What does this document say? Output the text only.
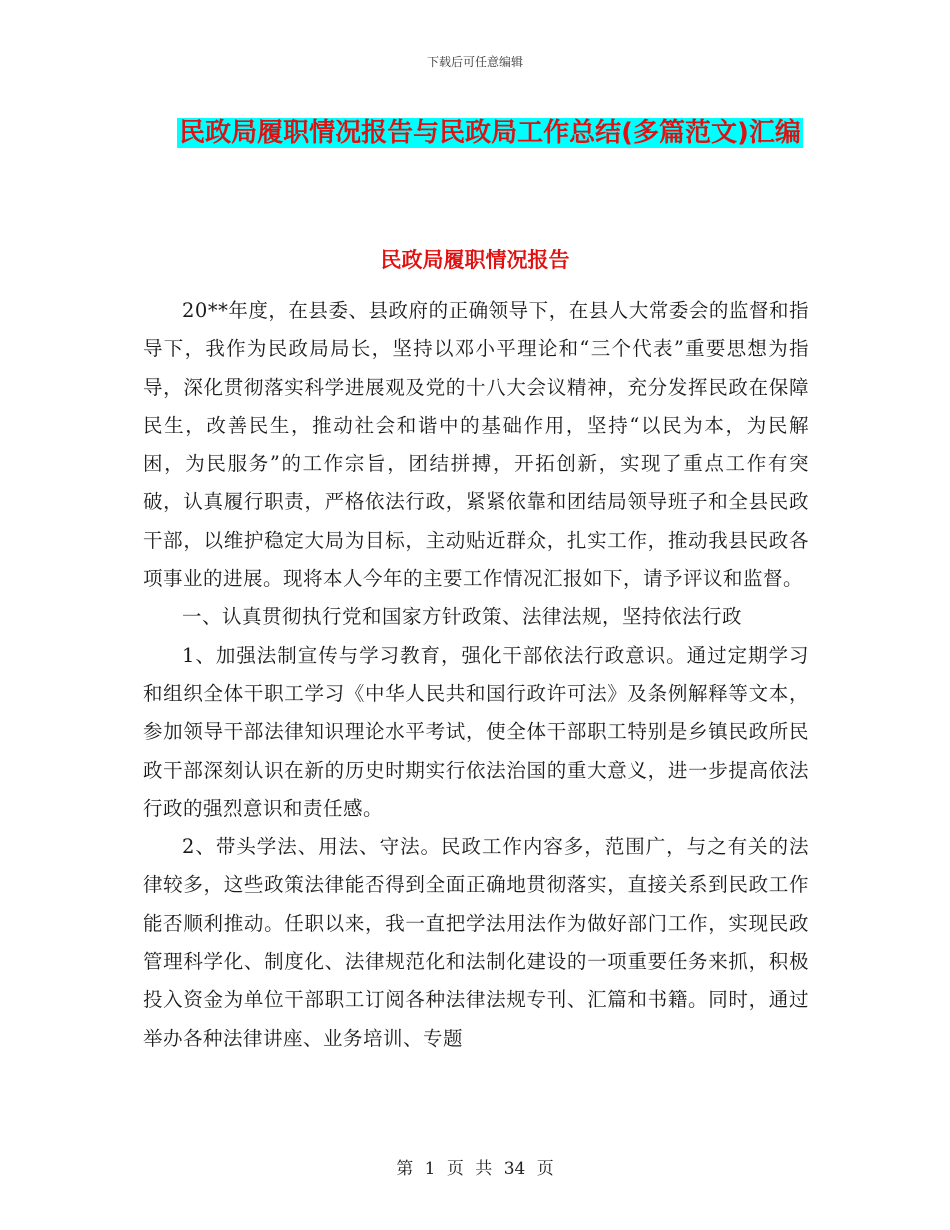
下载后可任意编辑
民政局履职情况报告与民政局工作总结(多篇范文)汇编
民政局履职情况报告

20**年度，在县委、县政府的正确领导下，在县人大常委会的监督和指导下，我作为民政局局长，坚持以邓小平理论和“三个代表”重要思想为指导，深化贯彻落实科学进展观及党的十八大会议精神，充分发挥民政在保障民生，改善民生，推动社会和谐中的基础作用，坚持“以民为本，为民解困，为民服务”的工作宗旨，团结拼搏，开拓创新，实现了重点工作有突破，认真履行职责，严格依法行政，紧紧依靠和团结局领导班子和全县民政干部，以维护稳定大局为目标，主动贴近群众，扎实工作，推动我县民政各项事业的进展。现将本人今年的主要工作情况汇报如下，请予评议和监督。

一、认真贯彻执行党和国家方针政策、法律法规，坚持依法行政

1、加强法制宣传与学习教育，强化干部依法行政意识。通过定期学习和组织全体干职工学习《中华人民共和国行政许可法》及条例解释等文本，参加领导干部法律知识理论水平考试，使全体干部职工特别是乡镇民政所民政干部深刻认识在新的历史时期实行依法治国的重大意义，进一步提高依法行政的强烈意识和责任感。

2、带头学法、用法、守法。民政工作内容多，范围广，与之有关的法律较多，这些政策法律能否得到全面正确地贯彻落实，直接关系到民政工作能否顺利推动。任职以来，我一直把学法用法作为做好部门工作，实现民政管理科学化、制度化、法律规范化和法制化建设的一项重要任务来抓，积极投入资金为单位干部职工订阅各种法律法规专刊、汇篇和书籍。同时，通过举办各种法律讲座、业务培训、专题

第 1 页 共 34 页
